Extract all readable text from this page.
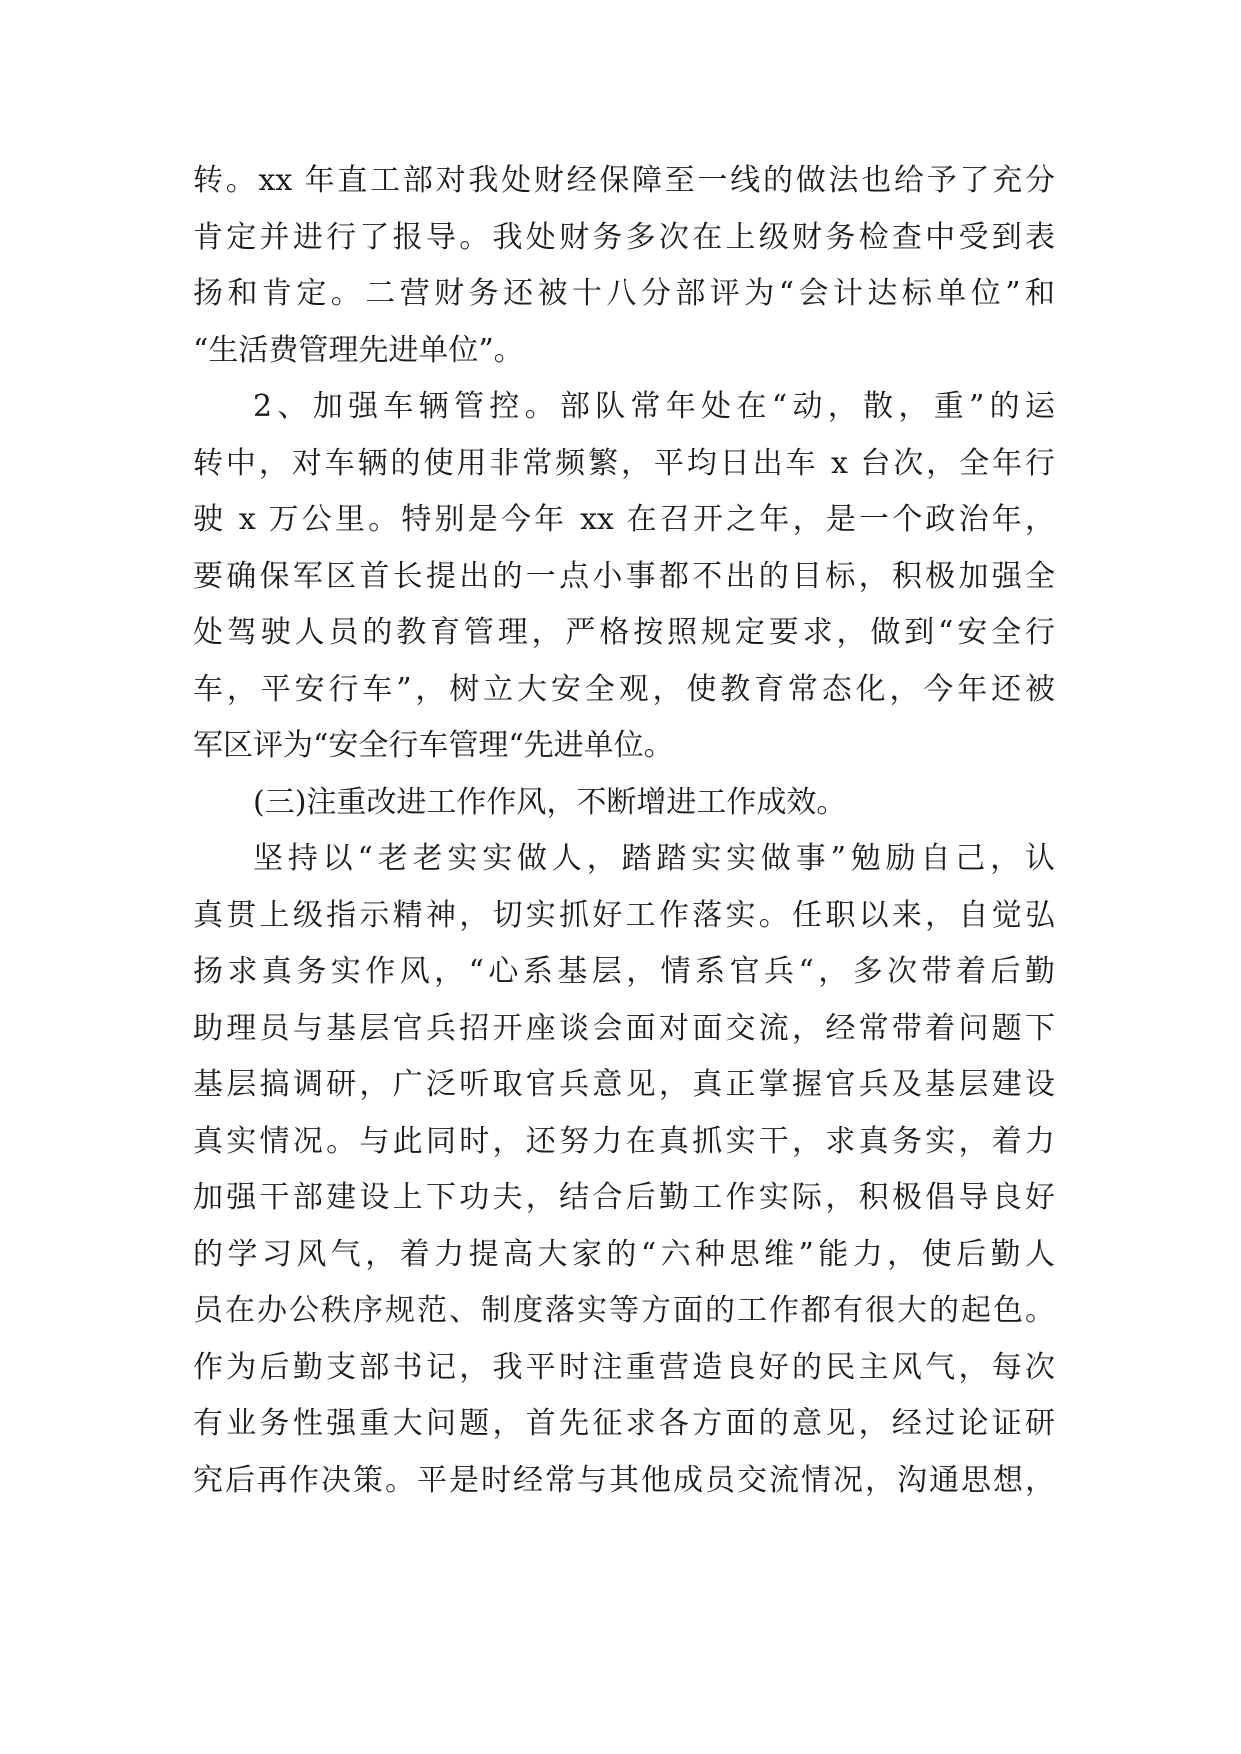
转。xx 年直工部对我处财经保障至一线的做法也给予了充分
肯定并进行了报导。我处财务多次在上级财务检查中受到表
扬和肯定。二营财务还被十八分部评为“会计达标单位”和
“生活费管理先进单位”。
2、加强车辆管控。部队常年处在“动，散，重”的运
转中，对车辆的使用非常频繁，平均日出车 x 台次，全年行
驶 x 万公里。特别是今年 xx 在召开之年，是一个政治年，
要确保军区首长提出的一点小事都不出的目标，积极加强全
处驾驶人员的教育管理，严格按照规定要求，做到“安全行
车，平安行车”，树立大安全观，使教育常态化，今年还被
军区评为“安全行车管理“先进单位。
(三)注重改进工作作风，不断增进工作成效。
坚持以“老老实实做人，踏踏实实做事”勉励自己，认
真贯上级指示精神，切实抓好工作落实。任职以来，自觉弘
扬求真务实作风，“心系基层，情系官兵“，多次带着后勤
助理员与基层官兵招开座谈会面对面交流，经常带着问题下
基层搞调研，广泛听取官兵意见，真正掌握官兵及基层建设
真实情况。与此同时，还努力在真抓实干，求真务实，着力
加强干部建设上下功夫，结合后勤工作实际，积极倡导良好
的学习风气，着力提高大家的“六种思维”能力，使后勤人
员在办公秩序规范、制度落实等方面的工作都有很大的起色。
作为后勤支部书记，我平时注重营造良好的民主风气，每次
有业务性强重大问题，首先征求各方面的意见，经过论证研
究后再作决策。平是时经常与其他成员交流情况，沟通思想，
